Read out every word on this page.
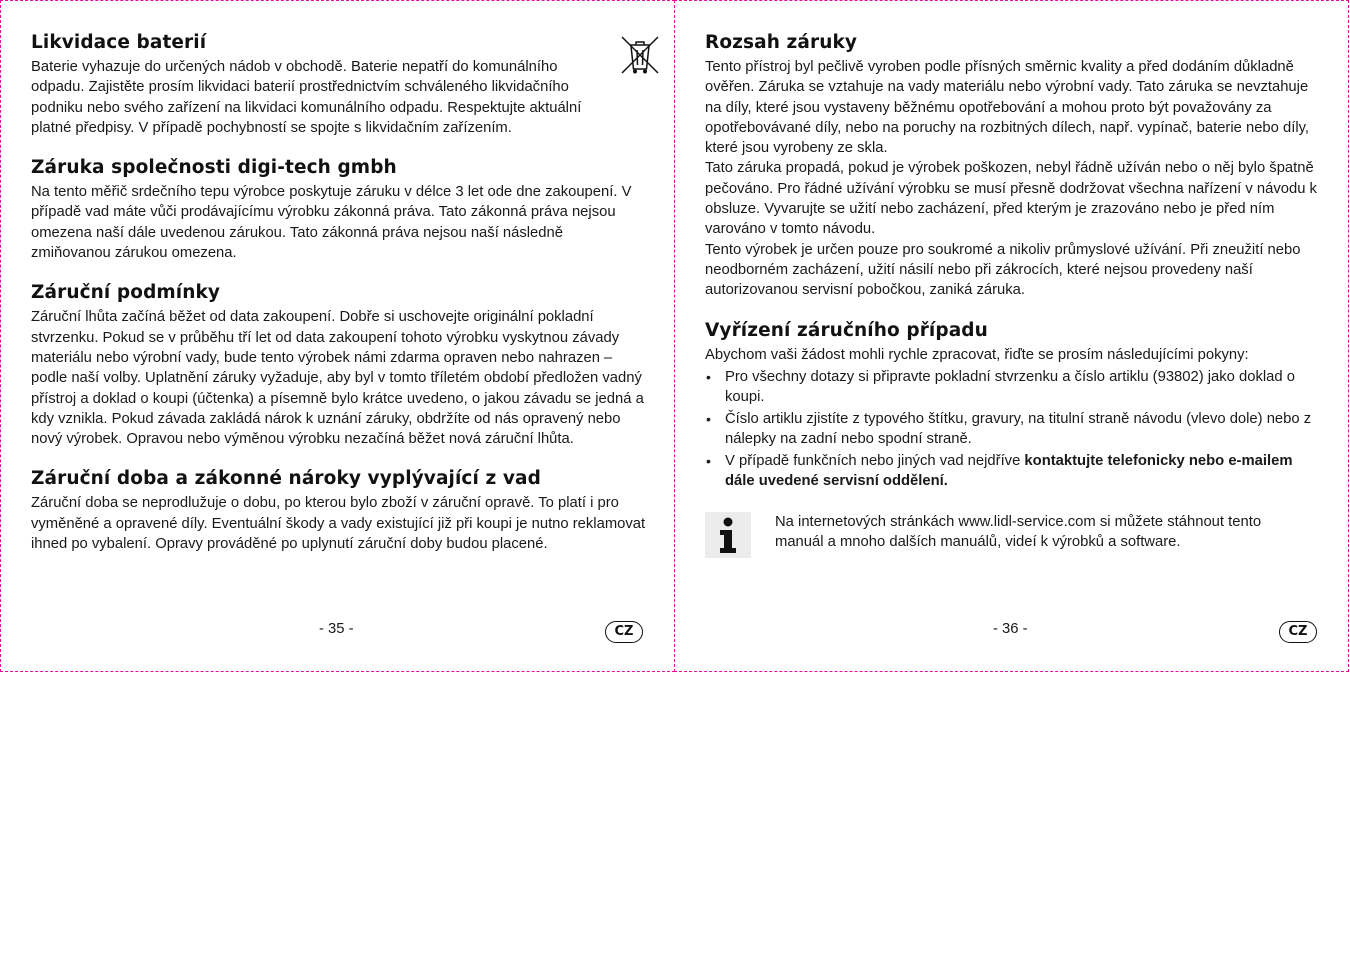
Likvidace baterií

Baterie vyhazuje do určených nádob v obchodě. Baterie nepatří do komunálního odpadu. Zajistěte prosím likvidaci baterií prostřednictvím schváleného likvidačního podniku nebo svého zařízení na likvidaci komunálního odpadu. Respektujte aktuální platné předpisy. V případě pochybností se spojte s likvidačním zařízením.

Záruka společnosti digi-tech gmbh

Na tento měřič srdečního tepu výrobce poskytuje záruku v délce 3 let ode dne zakoupení. V případě vad máte vůči prodávajícímu výrobku zákonná práva. Tato zákonná práva nejsou omezena naší dále uvedenou zárukou. Tato zákonná práva nejsou naší následně zmiňovanou zárukou omezena.

Záruční podmínky

Záruční lhůta začíná běžet od data zakoupení. Dobře si uschovejte originální pokladní stvrzenku. Pokud se v průběhu tří let od data zakoupení tohoto výrobku vyskytnou závady materiálu nebo výrobní vady, bude tento výrobek námi zdarma opraven nebo nahrazen – podle naší volby. Uplatnění záruky vyžaduje, aby byl v tomto tříletém období předložen vadný přístroj a doklad o koupi (účtenka) a písemně bylo krátce uvedeno, o jakou závadu se jedná a kdy vznikla. Pokud závada zakládá nárok k uznání záruky, obdržíte od nás opravený nebo nový výrobek. Opravou nebo výměnou výrobku nezačíná běžet nová záruční lhůta.

Záruční doba a zákonné nároky vyplývající z vad

Záruční doba se neprodlužuje o dobu, po kterou bylo zboží v záruční opravě. To platí i pro vyměněné a opravené díly. Eventuální škody a vady existující již při koupi je nutno reklamovat ihned po vybalení. Opravy prováděné po uplynutí záruční doby budou placené.

- 35 -	CZ
Rozsah záruky

Tento přístroj byl pečlivě vyroben podle přísných směrnic kvality a před dodáním důkladně ověřen. Záruka se vztahuje na vady materiálu nebo výrobní vady. Tato záruka se nevztahuje na díly, které jsou vystaveny běžnému opotřebování a mohou proto být považovány za opotřebovávané díly, nebo na poruchy na rozbitných dílech, např. vypínač, baterie nebo díly, které jsou vyrobeny ze skla.

Tato záruka propadá, pokud je výrobek poškozen, nebyl řádně užíván nebo o něj bylo špatně pečováno. Pro řádné užívání výrobku se musí přesně dodržovat všechna nařízení v návodu k obsluze. Vyvarujte se užití nebo zacházení, před kterým je zrazováno nebo je před ním varováno v tomto návodu.

Tento výrobek je určen pouze pro soukromé a nikoliv průmyslové užívání. Při zneužití nebo neodborném zacházení, užití násilí nebo při zákrocích, které nejsou provedeny naší autorizovanou servisní pobočkou, zaniká záruka.

Vyřízení záručního případu

Abychom vaši žádost mohli rychle zpracovat, řiďte se prosím následujícími pokyny:

• Pro všechny dotazy si připravte pokladní stvrzenku a číslo artiklu (93802) jako doklad o koupi.
• Číslo artiklu zjistíte z typového štítku, gravury, na titulní straně návodu (vlevo dole) nebo z nálepky na zadní nebo spodní straně.
• V případě funkčních nebo jiných vad nejdříve kontaktujte telefonicky nebo e-mailem dále uvedené servisní oddělení.

Na internetových stránkách www.lidl-service.com si můžete stáhnout tento manuál a mnoho dalších manuálů, videí k výrobků a software.

- 36 -	CZ
